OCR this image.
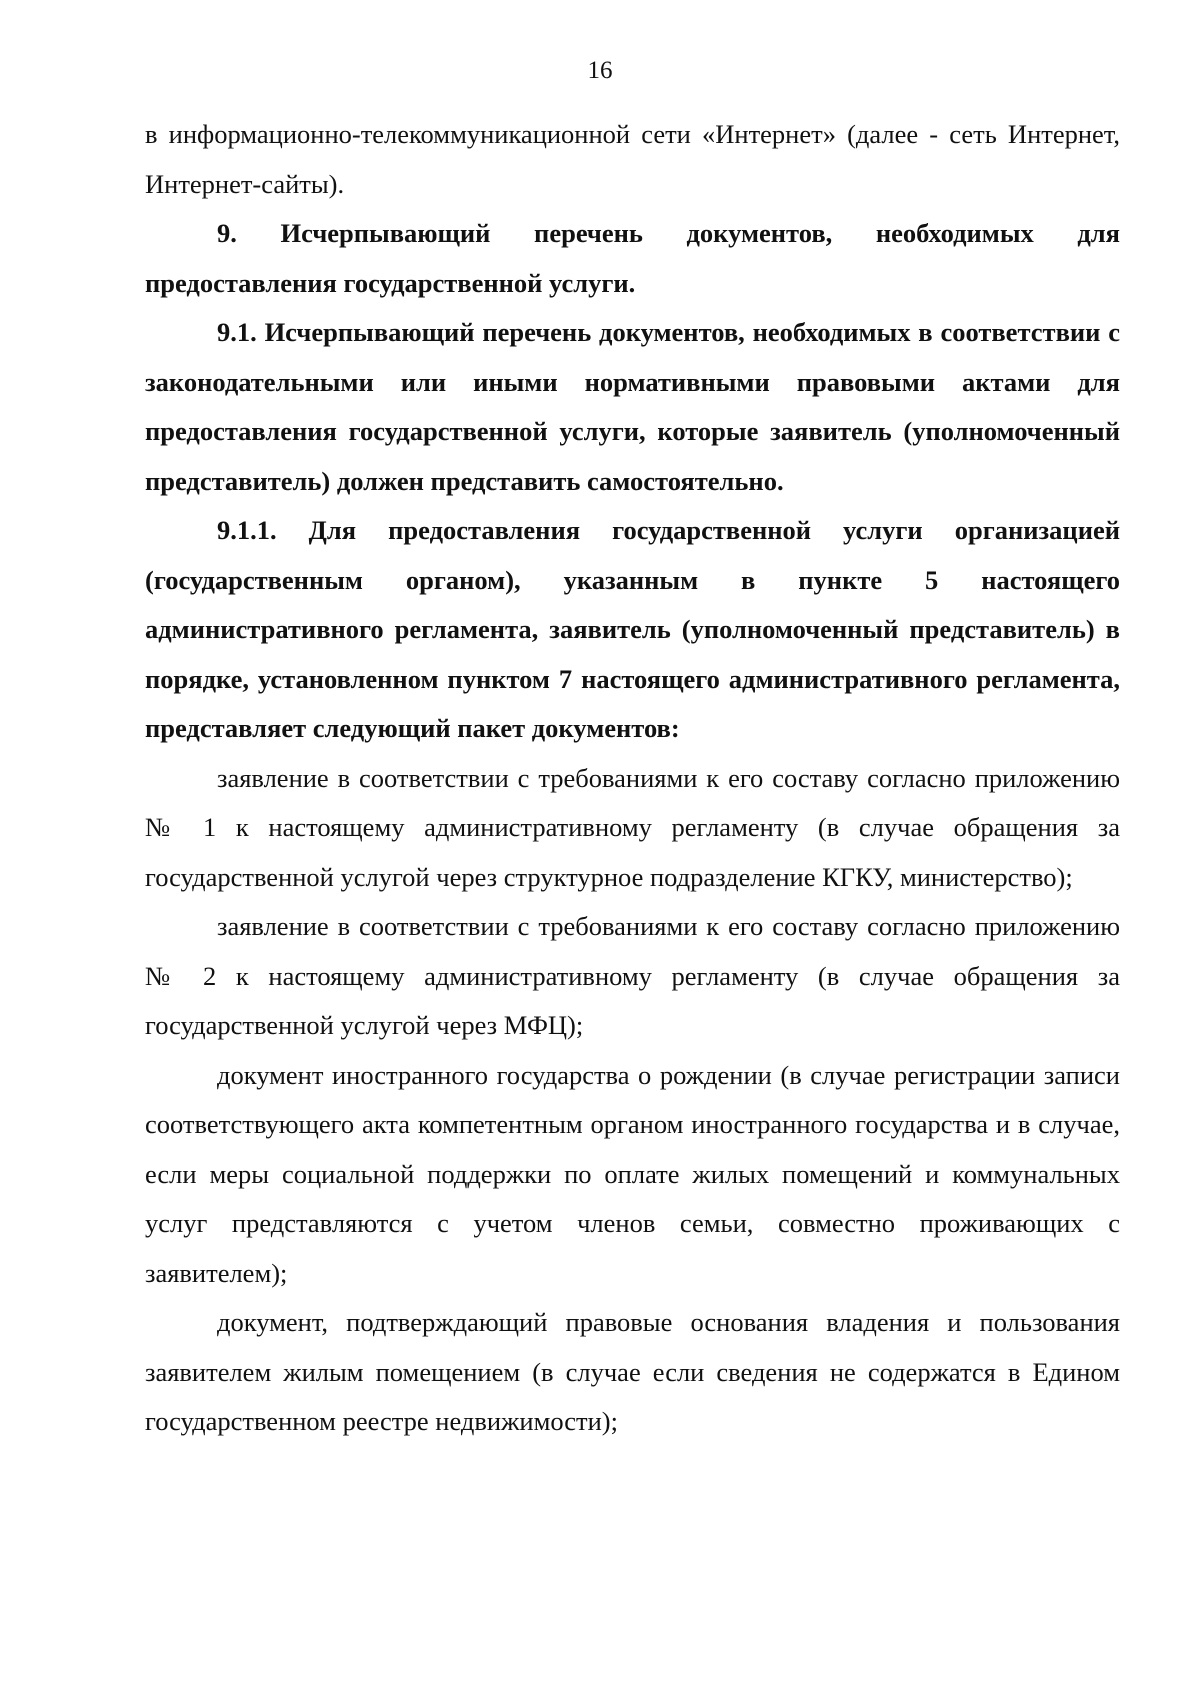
16

в информационно-телекоммуникационной сети «Интернет» (далее - сеть Интернет, Интернет-сайты).

9. Исчерпывающий перечень документов, необходимых для предоставления государственной услуги.

9.1. Исчерпывающий перечень документов, необходимых в соответствии с законодательными или иными нормативными правовыми актами для предоставления государственной услуги, которые заявитель (уполномоченный представитель) должен представить самостоятельно.

9.1.1. Для предоставления государственной услуги организацией (государственным органом), указанным в пункте 5 настоящего административного регламента, заявитель (уполномоченный представитель) в порядке, установленном пунктом 7 настоящего административного регламента, представляет следующий пакет документов:

заявление в соответствии с требованиями к его составу согласно приложению № 1 к настоящему административному регламенту (в случае обращения за государственной услугой через структурное подразделение КГКУ, министерство);

заявление в соответствии с требованиями к его составу согласно приложению № 2 к настоящему административному регламенту (в случае обращения за государственной услугой через МФЦ);

документ иностранного государства о рождении (в случае регистрации записи соответствующего акта компетентным органом иностранного государства и в случае, если меры социальной поддержки по оплате жилых помещений и коммунальных услуг представляются с учетом членов семьи, совместно проживающих с заявителем);

документ, подтверждающий правовые основания владения и пользования заявителем жилым помещением (в случае если сведения не содержатся в Едином государственном реестре недвижимости);
